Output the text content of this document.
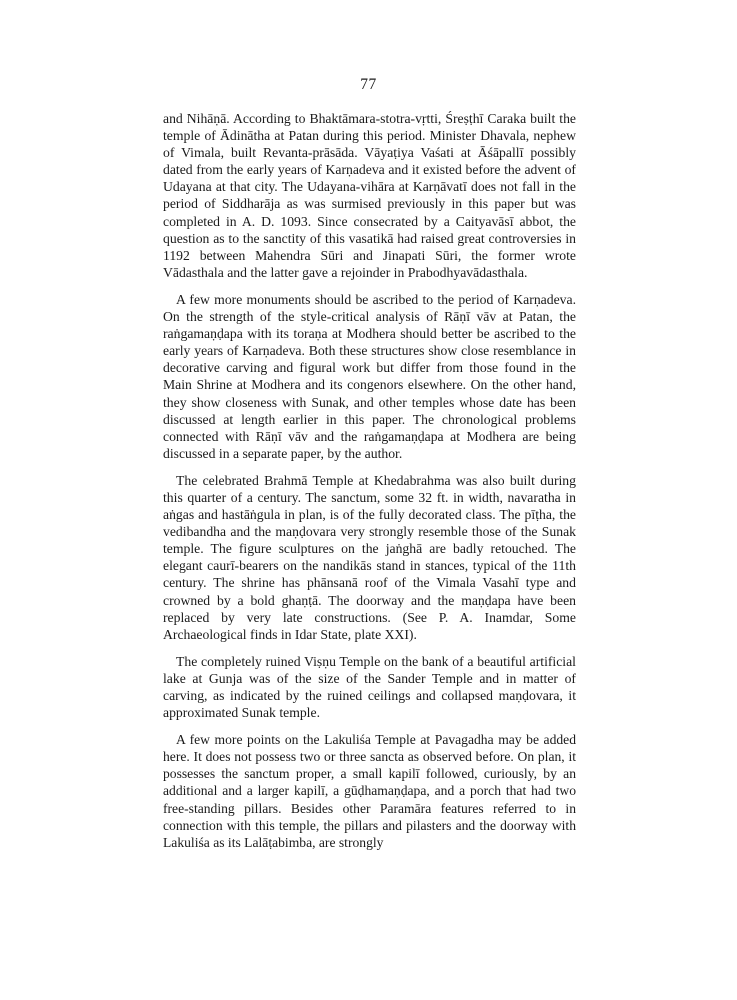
77

and Nihāṇā. According to Bhaktāmara-stotra-vṛtti, Śreṣṭhī Caraka built the temple of Ādinātha at Patan during this period. Minister Dhavala, nephew of Vimala, built Revanta-prāsāda. Vāyaṭiya Vaśati at Āśāpallī possibly dated from the early years of Karṇadeva and it existed before the advent of Udayana at that city. The Udayana-vihāra at Karṇāvatī does not fall in the period of Siddharāja as was surmised previously in this paper but was completed in A. D. 1093. Since consecrated by a Caityavāsī abbot, the question as to the sanctity of this vasatikā had raised great controversies in 1192 between Mahendra Sūri and Jinapati Sūri, the former wrote Vādasthala and the latter gave a rejoinder in Prabodhyavādasthala.

A few more monuments should be ascribed to the period of Karṇadeva. On the strength of the style-critical analysis of Rāṇī vāv at Patan, the raṅgamaṇḍapa with its toraṇa at Modhera should better be ascribed to the early years of Karṇadeva. Both these structures show close resemblance in decorative carving and figural work but differ from those found in the Main Shrine at Modhera and its congenors elsewhere. On the other hand, they show closeness with Sunak, and other temples whose date has been discussed at length earlier in this paper. The chronological problems connected with Rāṇī vāv and the raṅgamaṇḍapa at Modhera are being discussed in a separate paper, by the author.

The celebrated Brahmā Temple at Khedabrahma was also built during this quarter of a century. The sanctum, some 32 ft. in width, navaratha in aṅgas and hastāṅgula in plan, is of the fully decorated class. The pīṭha, the vedibandha and the maṇḍovara very strongly resemble those of the Sunak temple. The figure sculptures on the jaṅghā are badly retouched. The elegant caurī-bearers on the nandikās stand in stances, typical of the 11th century. The shrine has phānsanā roof of the Vimala Vasahī type and crowned by a bold ghaṇṭā. The doorway and the maṇḍapa have been replaced by very late constructions. (See P. A. Inamdar, Some Archaeological finds in Idar State, plate XXI).

The completely ruined Viṣṇu Temple on the bank of a beautiful artificial lake at Gunja was of the size of the Sander Temple and in matter of carving, as indicated by the ruined ceilings and collapsed maṇḍovara, it approximated Sunak temple.

A few more points on the Lakuliśa Temple at Pavagadha may be added here. It does not possess two or three sancta as observed before. On plan, it possesses the sanctum proper, a small kapilī followed, curiously, by an additional and a larger kapilī, a gūḍhamaṇḍapa, and a porch that had two free-standing pillars. Besides other Paramāra features referred to in connection with this temple, the pillars and pilasters and the doorway with Lakuliśa as its Lalāṭabimba, are strongly
